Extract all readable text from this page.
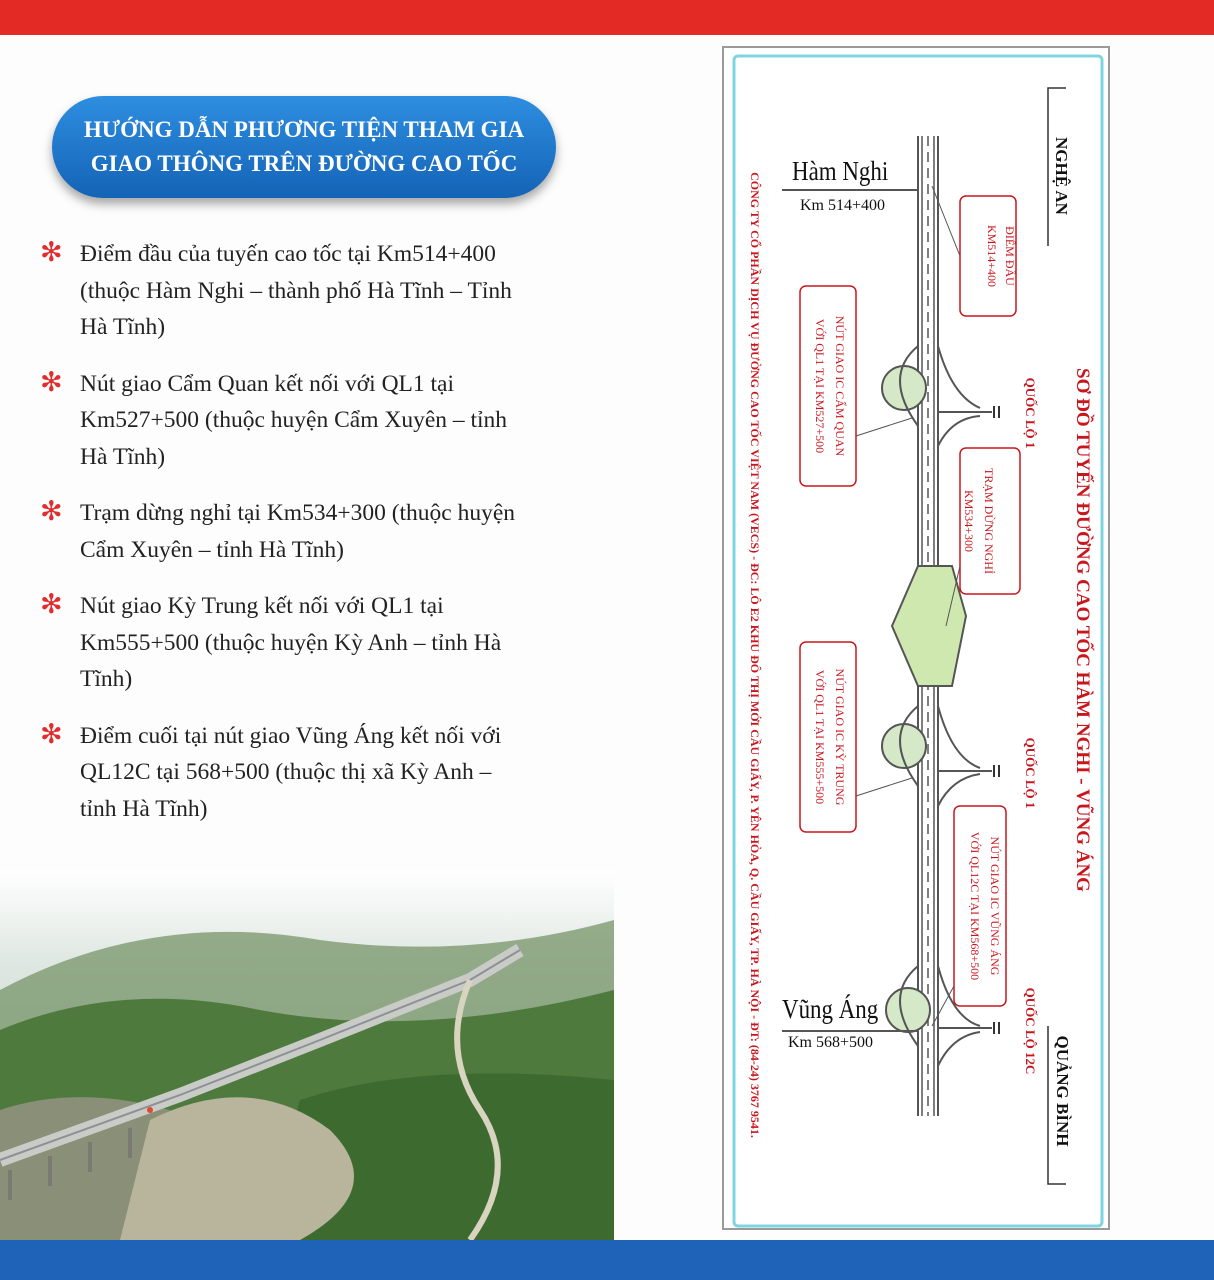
HƯỚNG DẪN PHƯƠNG TIỆN THAM GIA
GIAO THÔNG TRÊN ĐƯỜNG CAO TỐC
✻ Điểm đầu của tuyến cao tốc tại Km514+400
(thuộc Hàm Nghi – thành phố Hà Tĩnh – Tỉnh
Hà Tĩnh)
✻ Nút giao Cẩm Quan kết nối với QL1 tại
Km527+500 (thuộc huyện Cẩm Xuyên – tỉnh
Hà Tĩnh)
✻ Trạm dừng nghỉ tại Km534+300 (thuộc huyện
Cẩm Xuyên – tỉnh Hà Tĩnh)
✻ Nút giao Kỳ Trung kết nối với QL1 tại
Km555+500 (thuộc huyện Kỳ Anh – tỉnh Hà
Tĩnh)
✻ Điểm cuối tại nút giao Vũng Áng kết nối với
QL12C tại 568+500 (thuộc thị xã Kỳ Anh –
tỉnh Hà Tĩnh)
Hàm Nghi
Km 514+400
Vũng Áng
Km 568+500
CÔNG TY CỔ PHẦN DỊCH VỤ ĐƯỜNG CAO TỐC VIỆT NAM (VECS) - ĐC: LÔ E2 KHU ĐÔ THỊ MỚI CẦU GIẤY, P. YÊN HÒA, Q. CẦU GIẤY, TP. HÀ NỘI - ĐT: (84-24) 3767 9541.	SƠ ĐỒ TUYẾN ĐƯỜNG CAO TỐC HÀM NGHI - VŨNG ÁNG
NGHỆ AN
QUẢNG BÌNH
QUỐC LỘ 1
QUỐC LỘ 1
QUỐC LỘ 12C
ĐIỂM ĐẦU
KM514+400
NÚT GIAO IC CẨM QUAN
VỚI QL1 TẠI KM527+500
TRẠM DỪNG NGHỈ
KM534+300
NÚT GIAO IC KỲ TRUNG
VỚI QL1 TẠI KM555+500
NÚT GIAO IC VŨNG ÁNG
VỚI QL12C TẠI KM568+500
